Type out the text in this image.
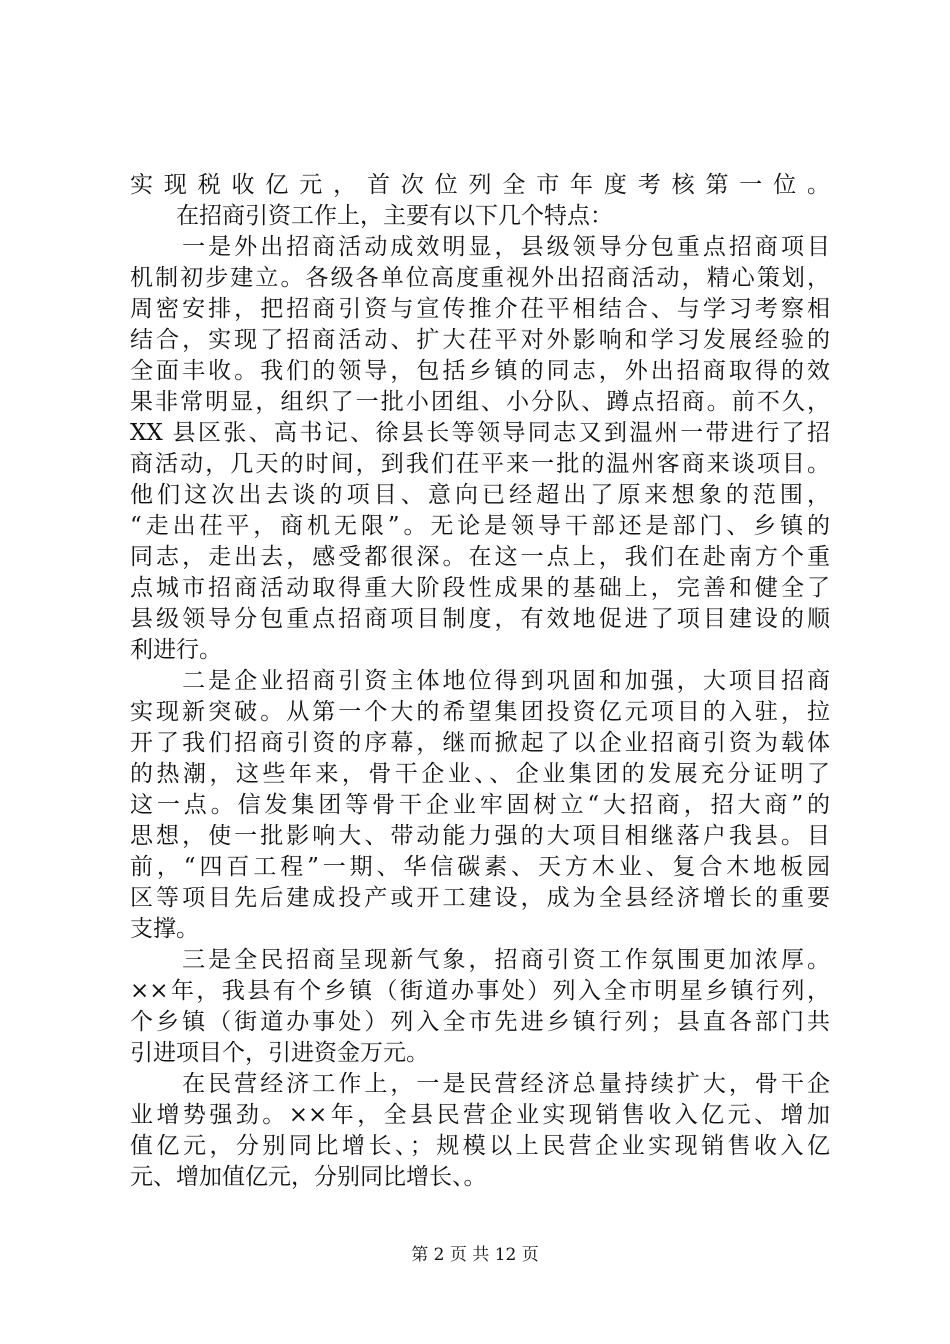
实现税收亿元，首次位列全市年度考核第一位。
　　在招商引资工作上，主要有以下几个特点：
　　一是外出招商活动成效明显，县级领导分包重点招商项目
机制初步建立。各级各单位高度重视外出招商活动，精心策划，
周密安排，把招商引资与宣传推介茌平相结合、与学习考察相
结合，实现了招商活动、扩大茌平对外影响和学习发展经验的
全面丰收。我们的领导，包括乡镇的同志，外出招商取得的效
果非常明显，组织了一批小团组、小分队、蹲点招商。前不久，
XX 县区张、高书记、徐县长等领导同志又到温州一带进行了招
商活动，几天的时间，到我们茌平来一批的温州客商来谈项目。
他们这次出去谈的项目、意向已经超出了原来想象的范围，
“走出茌平，商机无限”。无论是领导干部还是部门、乡镇的
同志，走出去，感受都很深。在这一点上，我们在赴南方个重
点城市招商活动取得重大阶段性成果的基础上，完善和健全了
县级领导分包重点招商项目制度，有效地促进了项目建设的顺
利进行。
　　二是企业招商引资主体地位得到巩固和加强，大项目招商
实现新突破。从第一个大的希望集团投资亿元项目的入驻，拉
开了我们招商引资的序幕，继而掀起了以企业招商引资为载体
的热潮，这些年来，骨干企业、、企业集团的发展充分证明了
这一点。信发集团等骨干企业牢固树立“大招商，招大商”的
思想，使一批影响大、带动能力强的大项目相继落户我县。目
前，“四百工程”一期、华信碳素、天方木业、复合木地板园
区等项目先后建成投产或开工建设，成为全县经济增长的重要
支撑。
　　三是全民招商呈现新气象，招商引资工作氛围更加浓厚。
××年，我县有个乡镇（街道办事处）列入全市明星乡镇行列，
个乡镇（街道办事处）列入全市先进乡镇行列；县直各部门共
引进项目个，引进资金万元。
　　在民营经济工作上，一是民营经济总量持续扩大，骨干企
业增势强劲。××年，全县民营企业实现销售收入亿元、增加
值亿元，分别同比增长、；规模以上民营企业实现销售收入亿
元、增加值亿元，分别同比增长、。
第 2 页 共 12 页
